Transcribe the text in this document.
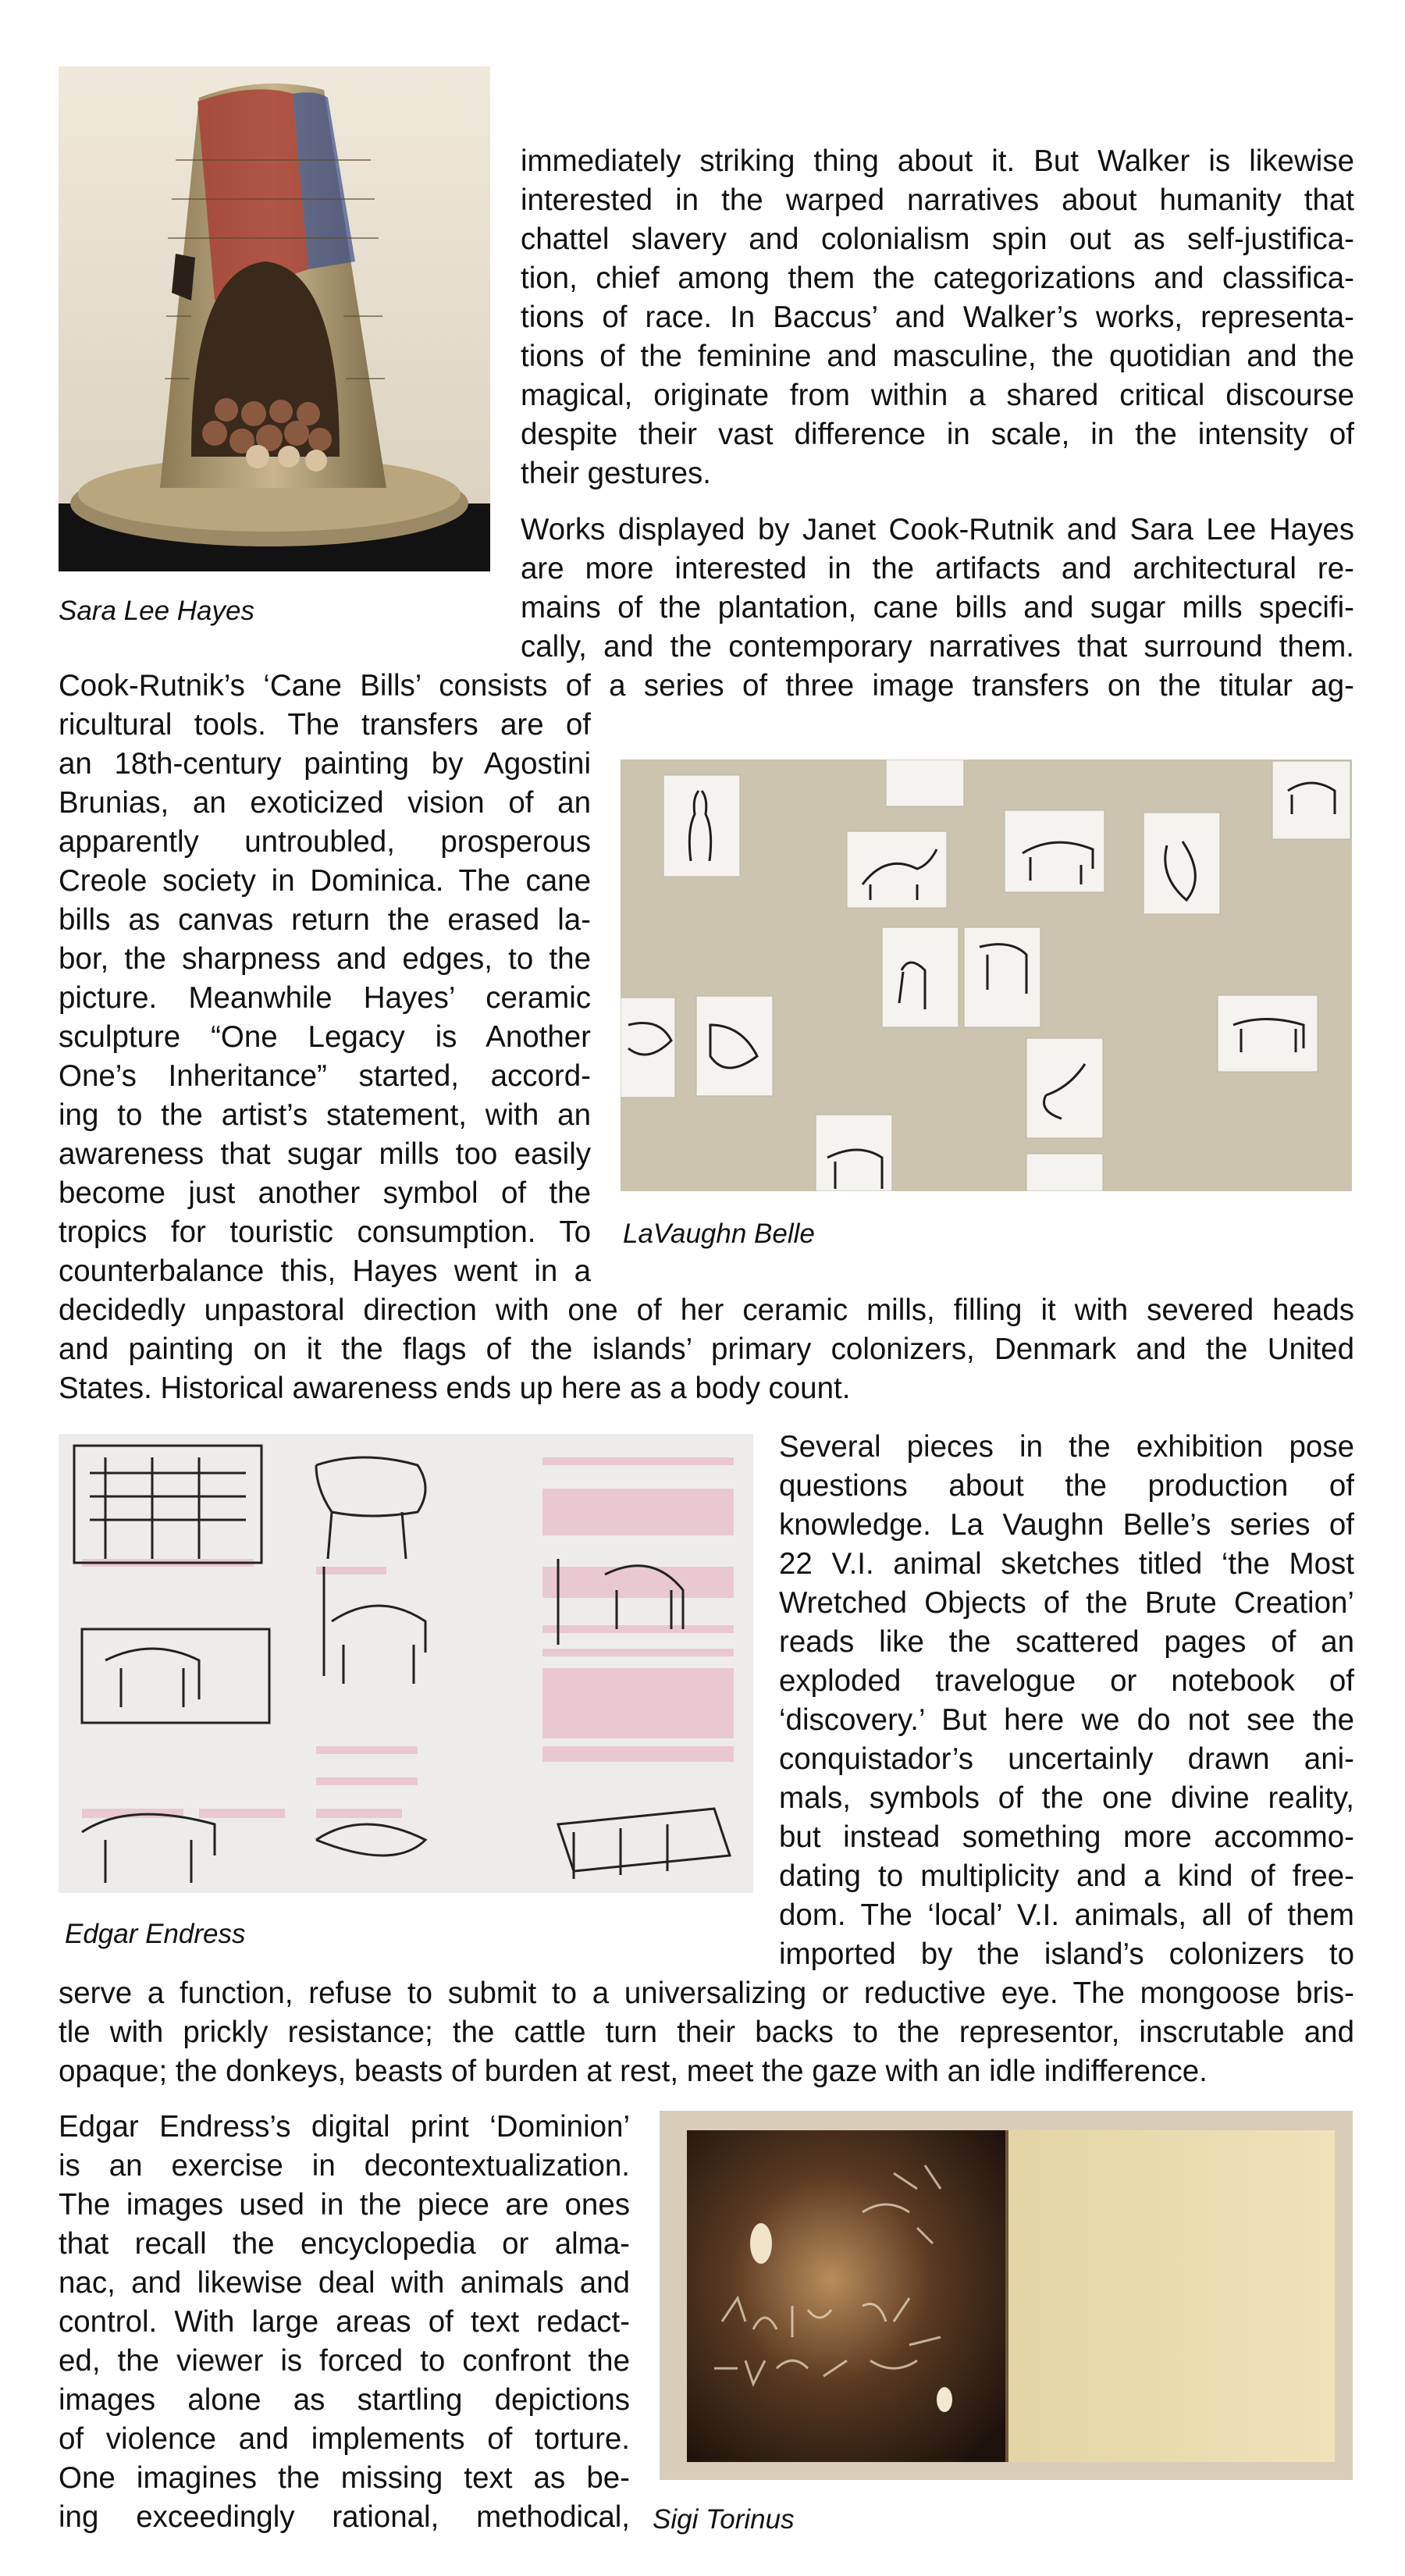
Sara Lee Hayes

immediately striking thing about it. But Walker is likewise

interested in the warped narratives about humanity that

chattel slavery and colonialism spin out as self-justifica-

tion, chief among them the categorizations and classifica-

tions of race. In Baccus’ and Walker’s works, representa-

tions of the feminine and masculine, the quotidian and the

magical, originate from within a shared critical discourse

despite their vast difference in scale, in the intensity of

their gestures.

Works displayed by Janet Cook-Rutnik and Sara Lee Hayes

are more interested in the artifacts and architectural re-

mains of the plantation, cane bills and sugar mills specifi-

cally, and the contemporary narratives that surround them.

Cook-Rutnik’s ‘Cane Bills’ consists of a series of three image transfers on the titular ag-

ricultural tools. The transfers are of

an 18th-century painting by Agostini

Brunias, an exoticized vision of an

apparently untroubled, prosperous

Creole society in Dominica. The cane

bills as canvas return the erased la-

bor, the sharpness and edges, to the

picture. Meanwhile Hayes’ ceramic

sculpture “One Legacy is Another

One’s Inheritance” started, accord-

ing to the artist’s statement, with an

awareness that sugar mills too easily

become just another symbol of the

tropics for touristic consumption. To

counterbalance this, Hayes went in a

decidedly unpastoral direction with one of her ceramic mills, filling it with severed heads

and painting on it the flags of the islands’ primary colonizers, Denmark and the United

States. Historical awareness ends up here as a body count.

LaVaughn Belle
Edgar Endress

Several pieces in the exhibition pose

questions about the production of

knowledge. La Vaughn Belle’s series of

22 V.I. animal sketches titled ‘the Most

Wretched Objects of the Brute Creation’

reads like the scattered pages of an

exploded travelogue or notebook of

‘discovery.’ But here we do not see the

conquistador’s uncertainly drawn ani-

mals, symbols of the one divine reality,

but instead something more accommo-

dating to multiplicity and a kind of free-

dom. The ‘local’ V.I. animals, all of them

imported by the island’s colonizers to

serve a function, refuse to submit to a universalizing or reductive eye. The mongoose bris-

tle with prickly resistance; the cattle turn their backs to the representor, inscrutable and

opaque; the donkeys, beasts of burden at rest, meet the gaze with an idle indifference.

Edgar Endress’s digital print ‘Dominion’

is an exercise in decontextualization.

The images used in the piece are ones

that recall the encyclopedia or alma-

nac, and likewise deal with animals and

control. With large areas of text redact-

ed, the viewer is forced to confront the

images alone as startling depictions

of violence and implements of torture.

One imagines the missing text as be-

ing exceedingly rational, methodical, Sigi Torinus
